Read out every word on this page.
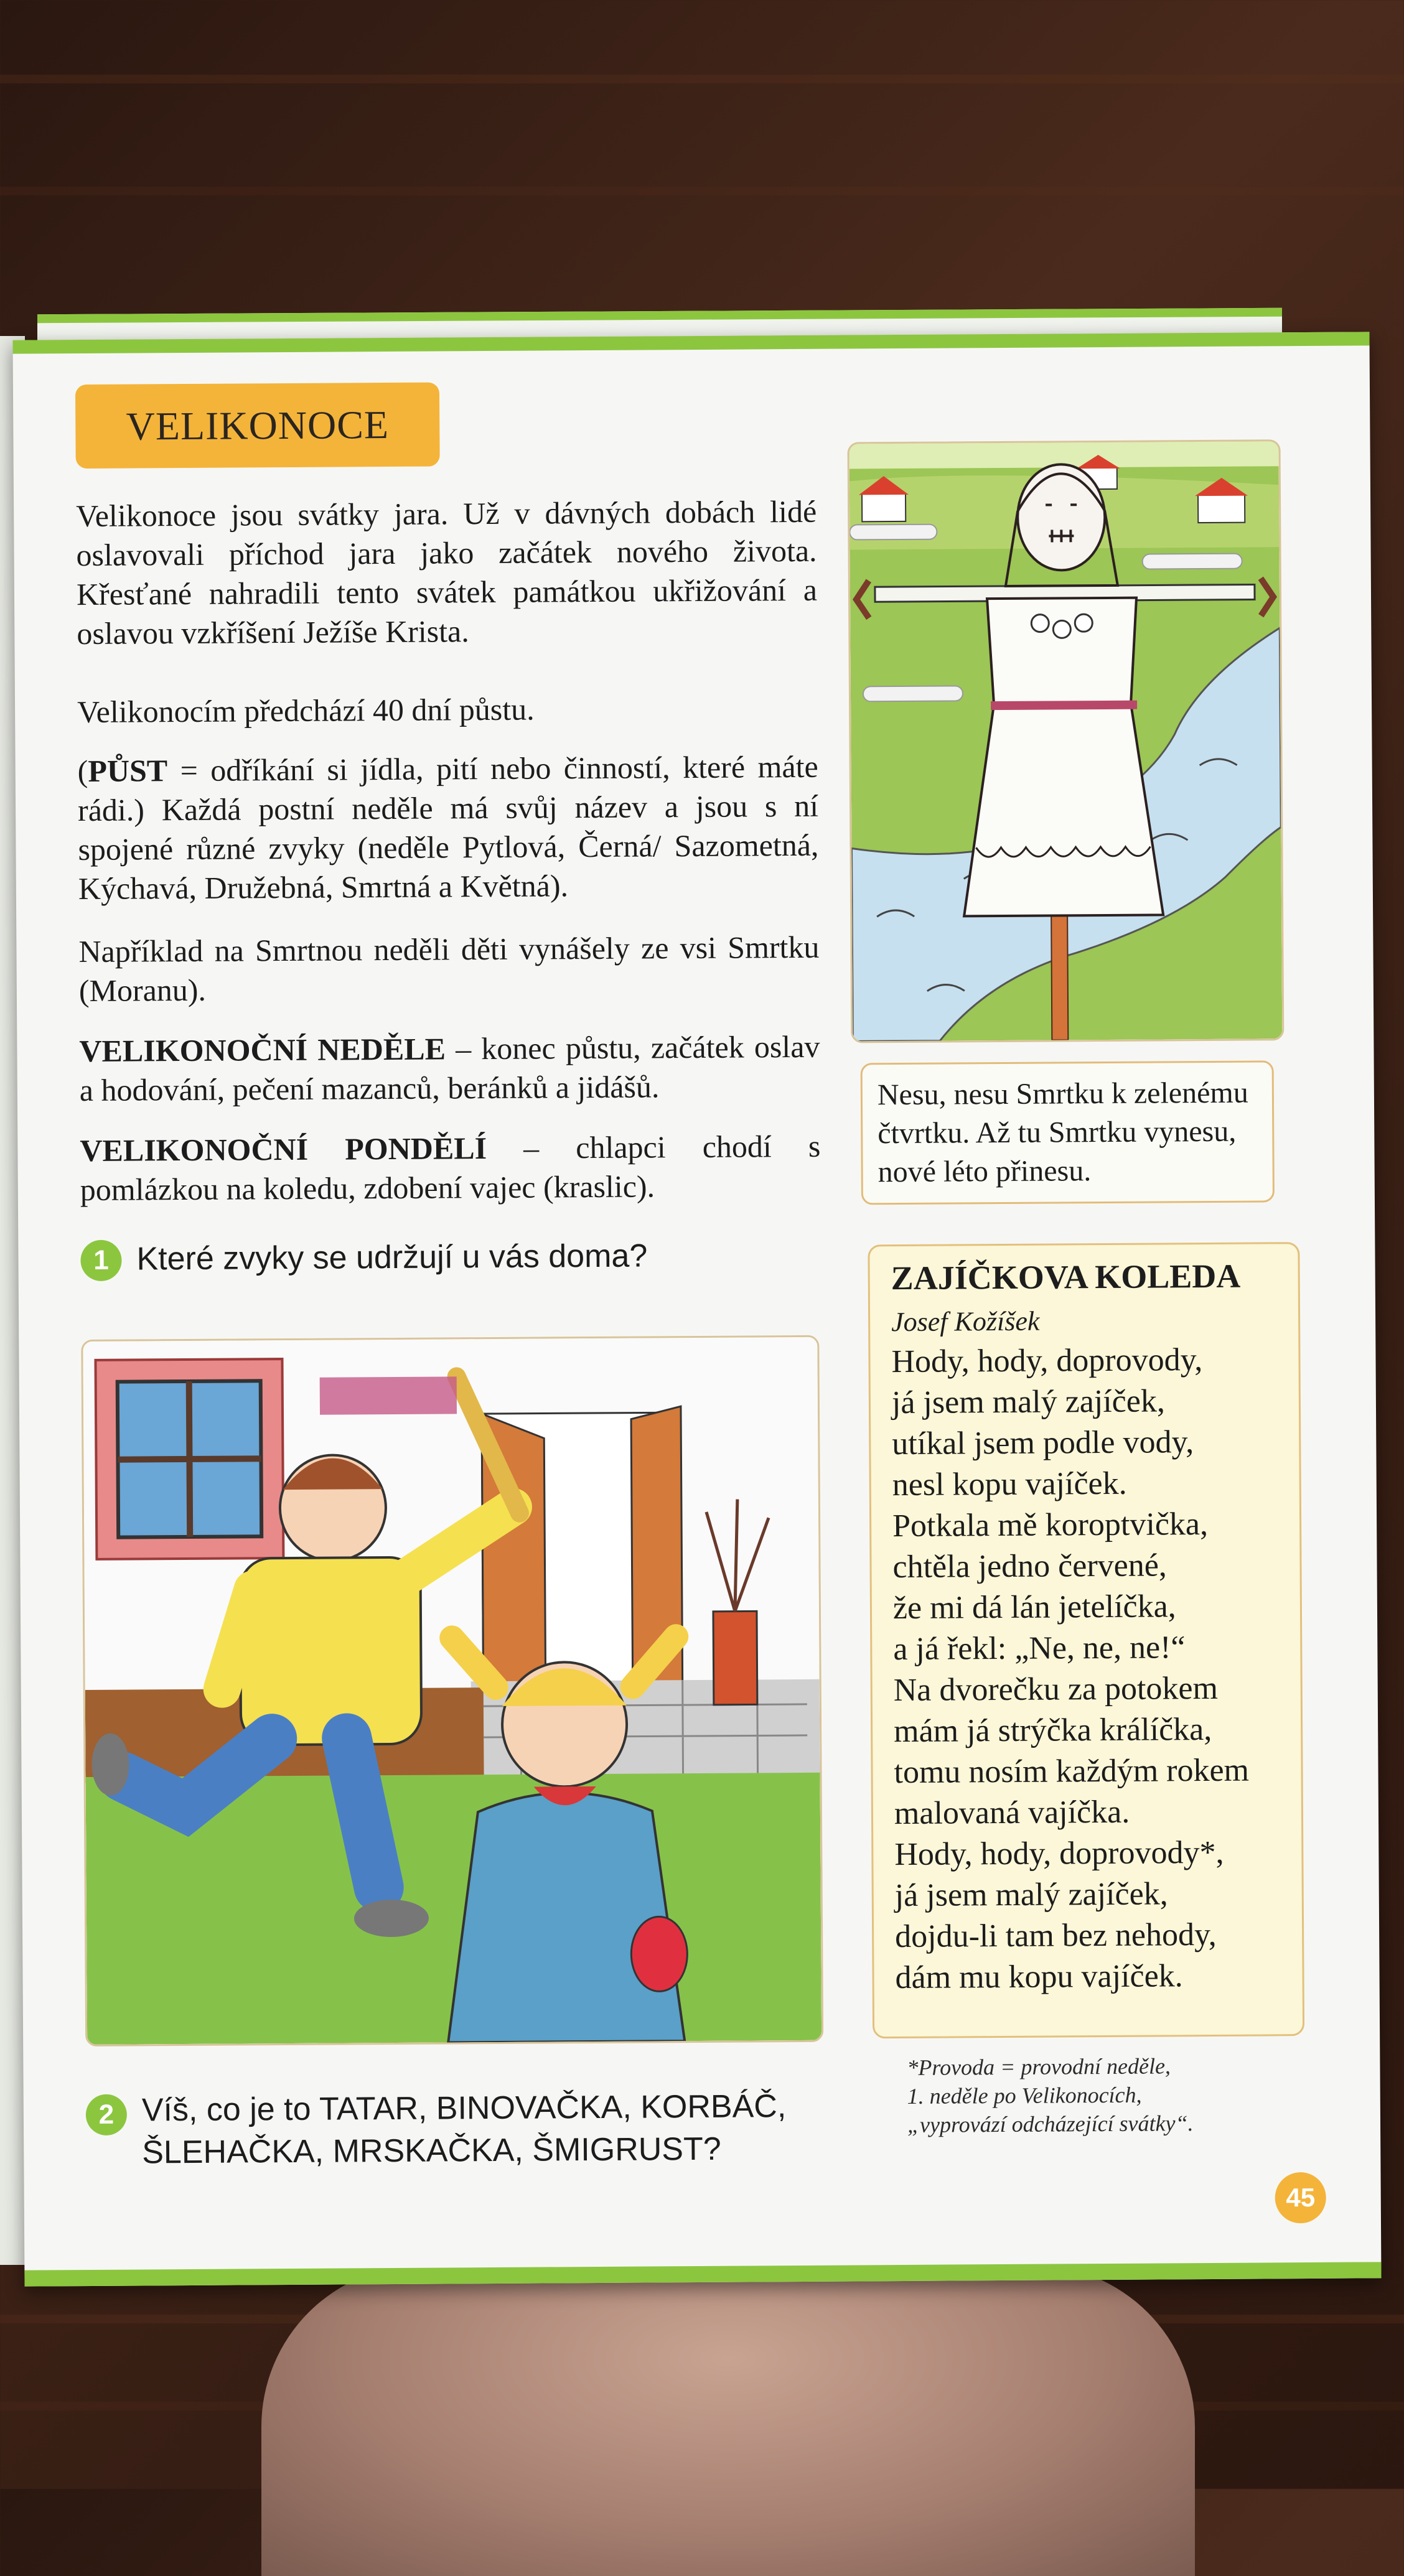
VELIKONOCE
Velikonoce jsou svátky jara. Už v dávných dobách lidé oslavovali příchod jara jako začátek nového života. Křesťané nahradili tento svátek památkou ukřižování a oslavou vzkříšení Ježíše Krista.
Velikonocím předchází 40 dní půstu.
(PŮST = odříkání si jídla, pití nebo činností, které máte rádi.) Každá postní neděle má svůj název a jsou s ní spojené různé zvyky (neděle Pytlová, Černá/ Sazometná, Kýchavá, Družebná, Smrtná a Květná).
Například na Smrtnou neděli děti vynášely ze vsi Smrtku (Moranu).
VELIKONOČNÍ NEDĚLE – konec půstu, začátek oslav a hodování, pečení mazanců, beránků a jidášů.
VELIKONOČNÍ PONDĚLÍ – chlapci chodí s pomlázkou na koledu, zdobení vajec (kraslic).
1 Které zvyky se udržují u vás doma?
Nesu, nesu Smrtku k zelenému čtvrtku. Až tu Smrtku vynesu, nové léto přinesu.
ZAJÍČKOVA KOLEDA
Josef Kožíšek
Hody, hody, doprovody,
já jsem malý zajíček,
utíkal jsem podle vody,
nesl kopu vajíček.
Potkala mě koroptvička,
chtěla jedno červené,
že mi dá lán jetelíčka,
a já řekl: „Ne, ne, ne!“
Na dvorečku za potokem
mám já strýčka králíčka,
tomu nosím každým rokem
malovaná vajíčka.
Hody, hody, doprovody*,
já jsem malý zajíček,
dojdu-li tam bez nehody,
dám mu kopu vajíček.
2 Víš, co je to TATAR, BINOVAČKA, KORBÁČ,
ŠLEHAČKA, MRSKAČKA, ŠMIGRUST?
*Provoda = provodní neděle,
1. neděle po Velikonocích,
„vyprovází odcházející svátky“.
45
